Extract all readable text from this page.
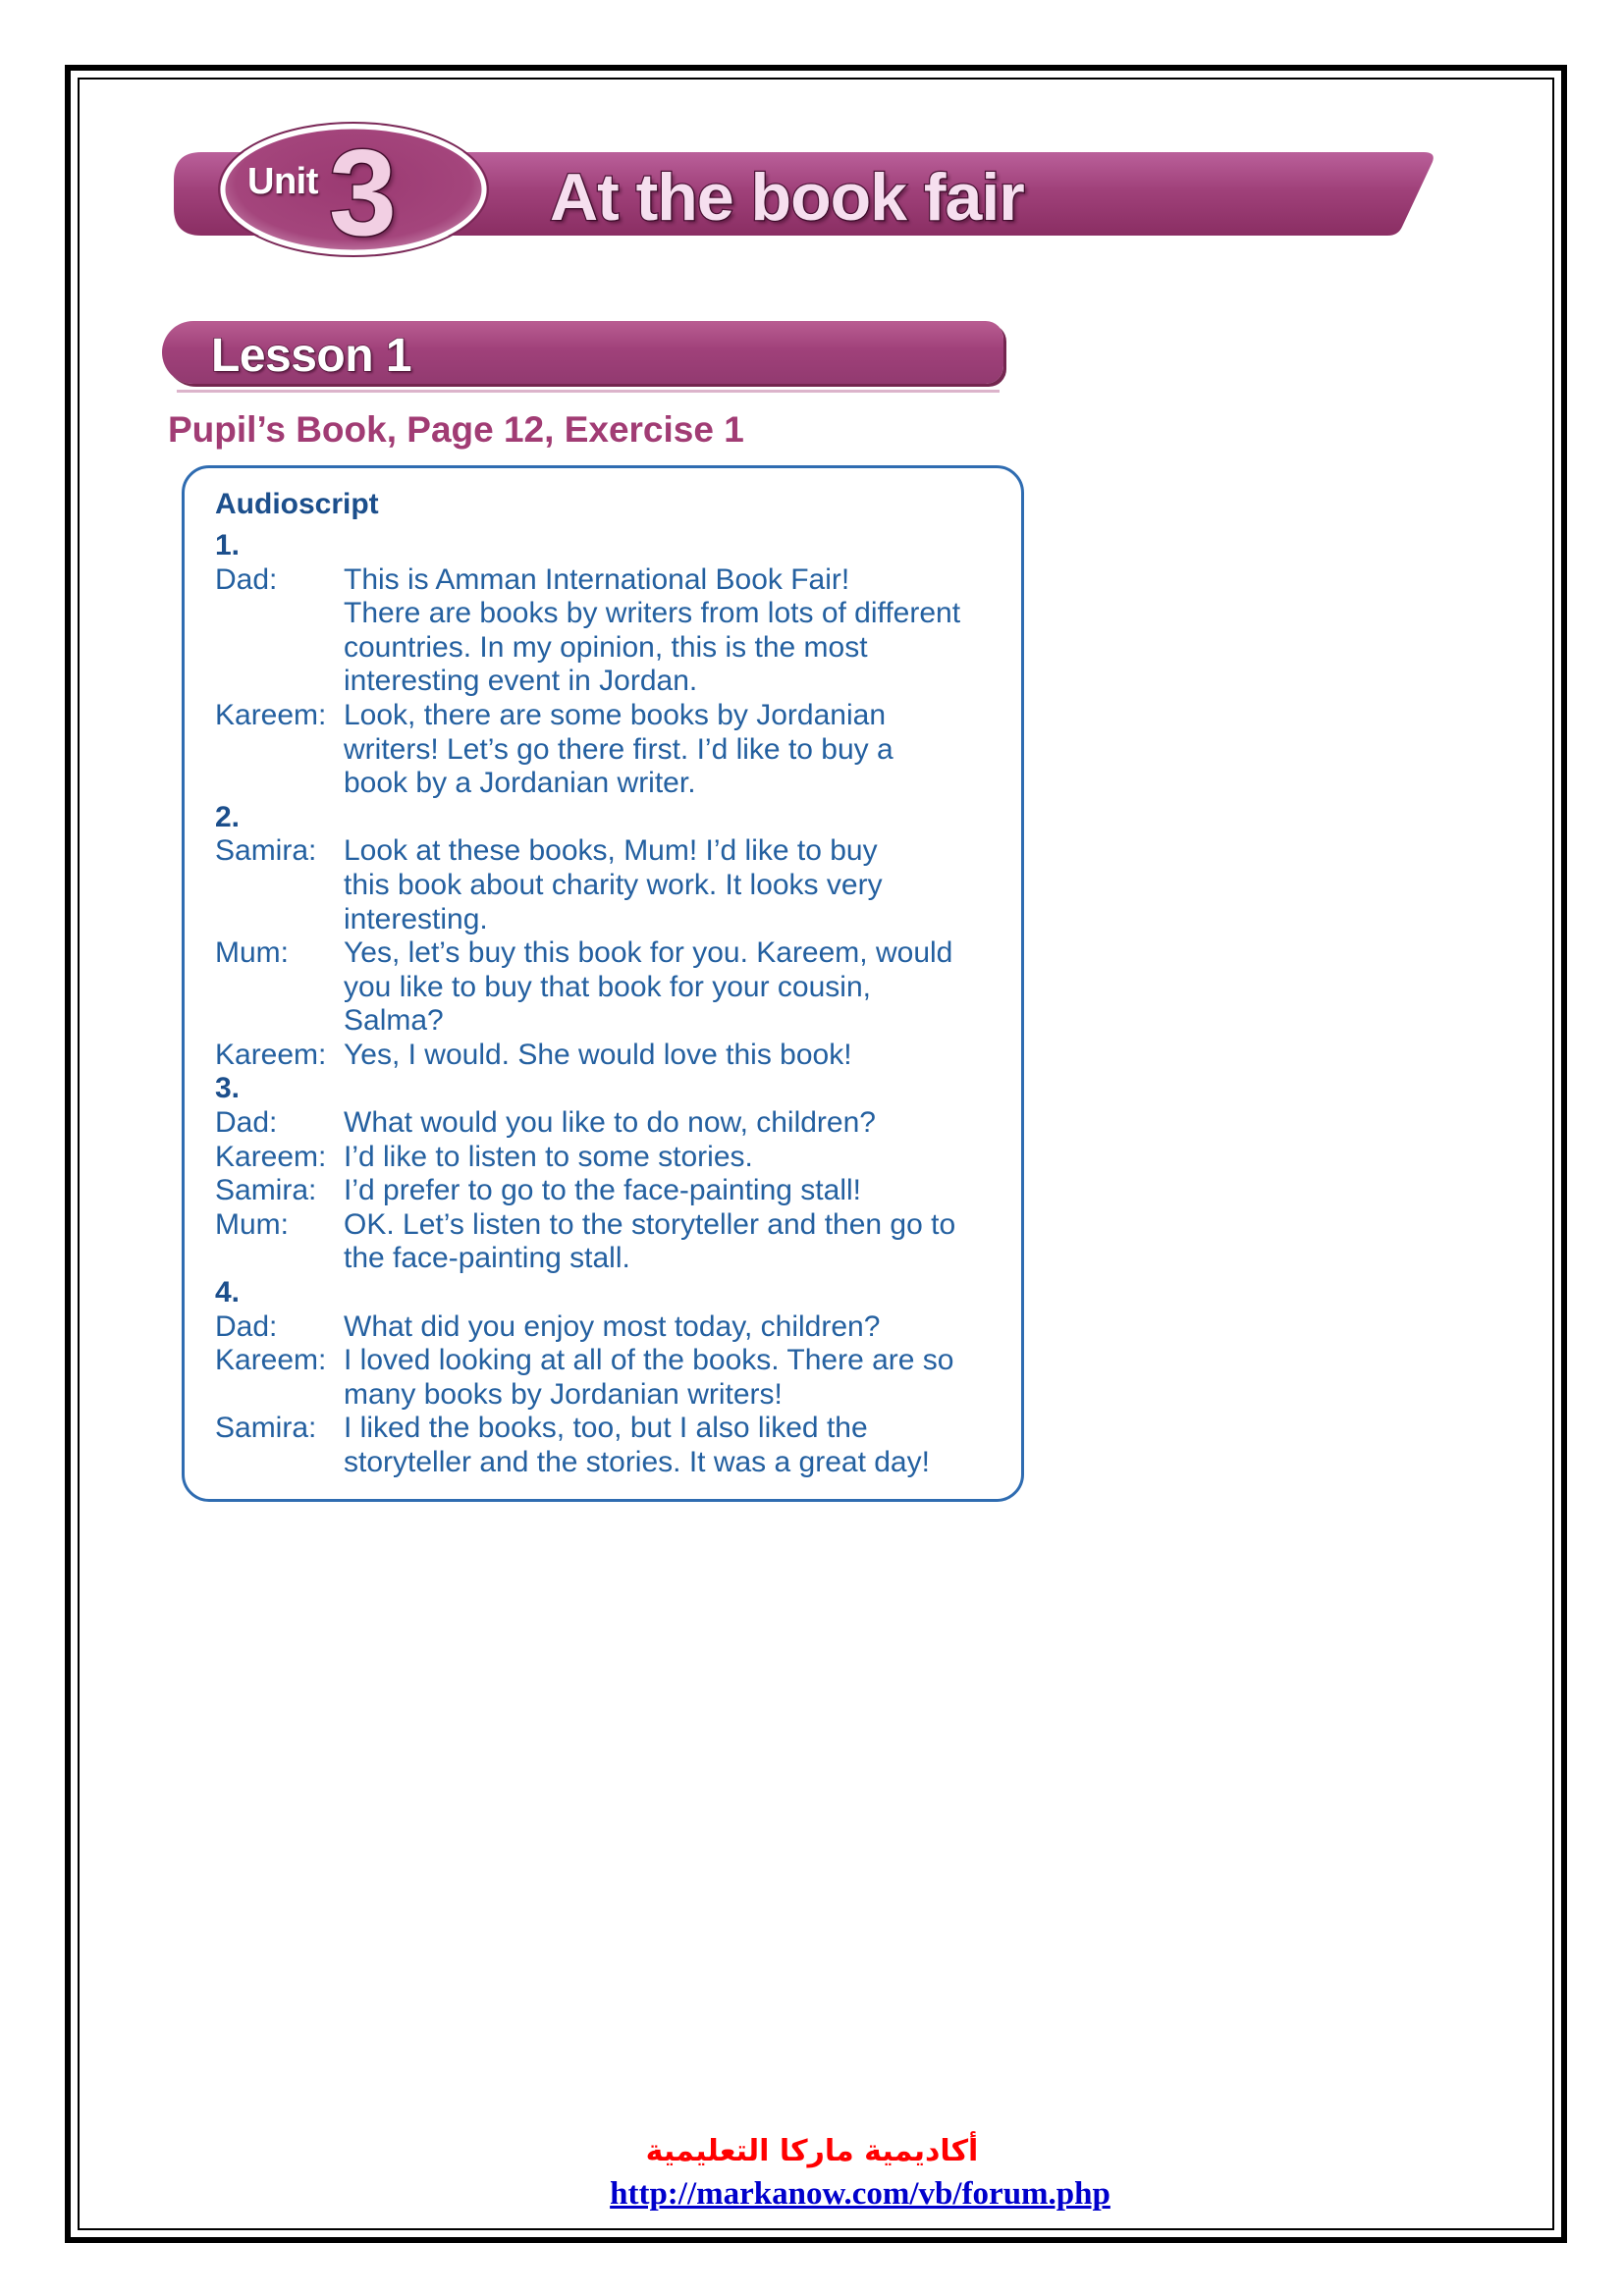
Unit 3 At the book fair
Lesson 1
Pupil’s Book, Page 12, Exercise 1
Audioscript
1.
Dad:	This is Amman International Book Fair!
There are books by writers from lots of different
countries. In my opinion, this is the most
interesting event in Jordan.
Kareem: Look, there are some books by Jordanian
writers! Let’s go there first. I’d like to buy a
book by a Jordanian writer.
2.
Samira: Look at these books, Mum! I’d like to buy
this book about charity work. It looks very
interesting.
Mum:	Yes, let’s buy this book for you. Kareem, would
you like to buy that book for your cousin,
Salma?
Kareem: Yes, I would. She would love this book!
3.
Dad:	What would you like to do now, children?
Kareem: I’d like to listen to some stories.
Samira: I’d prefer to go to the face-painting stall!
Mum:	OK. Let’s listen to the storyteller and then go to
the face-painting stall.
4.
Dad:	What did you enjoy most today, children?
Kareem: I loved looking at all of the books. There are so
many books by Jordanian writers!
Samira: I liked the books, too, but I also liked the
storyteller and the stories. It was a great day!
أكاديمية ماركا التعليمية
http://markanow.com/vb/forum.php
